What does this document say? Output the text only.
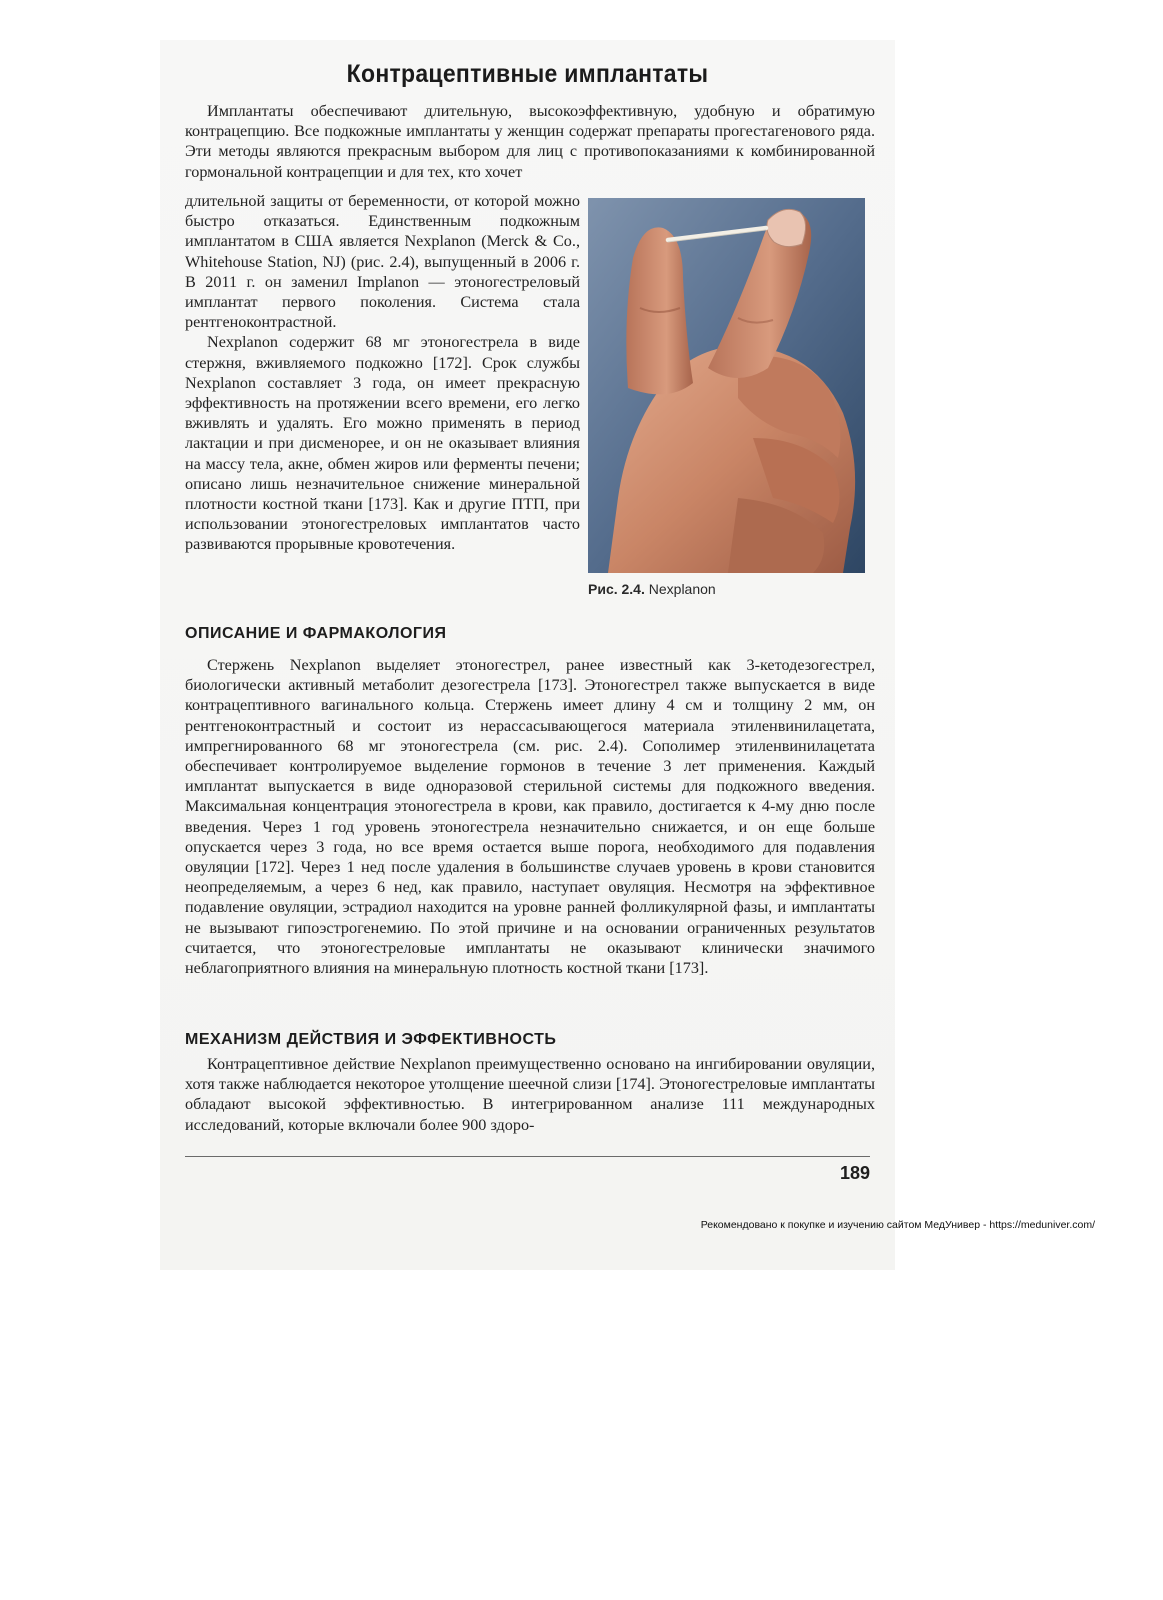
Контрацептивные имплантаты

Имплантаты обеспечивают длительную, высокоэффективную, удобную и обратимую контрацепцию. Все подкожные имплантаты у женщин содержат препараты прогестагенового ряда. Эти методы являются прекрасным выбором для лиц с противопоказаниями к комбинированной гормональной контрацепции и для тех, кто хочет

длительной защиты от беременности, от которой можно быстро отказаться. Единственным подкожным имплантатом в США является Nexplanon (Merck & Co., Whitehouse Station, NJ) (рис. 2.4), выпущенный в 2006 г. В 2011 г. он заменил Implanon — этоногестреловый имплантат первого поколения. Система стала рентгеноконтрастной.

Nexplanon содержит 68 мг этоногестрела в виде стержня, вживляемого подкожно [172]. Срок службы Nexplanon составляет 3 года, он имеет прекрасную эффективность на протяжении всего времени, его легко вживлять и удалять. Его можно применять в период лактации и при дисменорее, и он не оказывает влияния на массу тела, акне, обмен жиров или ферменты печени; описано лишь незначительное снижение минеральной плотности костной ткани [173]. Как и другие ПТП, при использовании этоногестреловых имплантатов часто развиваются прорывные кровотечения.

Рис. 2.4. Nexplanon
ОПИСАНИЕ И ФАРМАКОЛОГИЯ

Стержень Nexplanon выделяет этоногестрел, ранее известный как 3-кетодезогестрел, биологически активный метаболит дезогестрела [173]. Этоногестрел также выпускается в виде контрацептивного вагинального кольца. Стержень имеет длину 4 см и толщину 2 мм, он рентгеноконтрастный и состоит из нерассасывающегося материала этиленвинилацетата, импрегнированного 68 мг этоногестрела (см. рис. 2.4). Сополимер этиленвинилацетата обеспечивает контролируемое выделение гормонов в течение 3 лет применения. Каждый имплантат выпускается в виде одноразовой стерильной системы для подкожного введения. Максимальная концентрация этоногестрела в крови, как правило, достигается к 4-му дню после введения. Через 1 год уровень этоногестрела незначительно снижается, и он еще больше опускается через 3 года, но все время остается выше порога, необходимого для подавления овуляции [172]. Через 1 нед после удаления в большинстве случаев уровень в крови становится неопределяемым, а через 6 нед, как правило, наступает овуляция. Несмотря на эффективное подавление овуляции, эстрадиол находится на уровне ранней фолликулярной фазы, и имплантаты не вызывают гипоэстрогенемию. По этой причине и на основании ограниченных результатов считается, что этоногестреловые имплантаты не оказывают клинически значимого неблагоприятного влияния на минеральную плотность костной ткани [173].

МЕХАНИЗМ ДЕЙСТВИЯ И ЭФФЕКТИВНОСТЬ

Контрацептивное действие Nexplanon преимущественно основано на ингибировании овуляции, хотя также наблюдается некоторое утолщение шеечной слизи [174]. Этоногестреловые имплантаты обладают высокой эффективностью. В интегрированном анализе 111 международных исследований, которые включали более 900 здоро-

189
Рекомендовано к покупке и изучению сайтом МедУнивер - https://meduniver.com/
